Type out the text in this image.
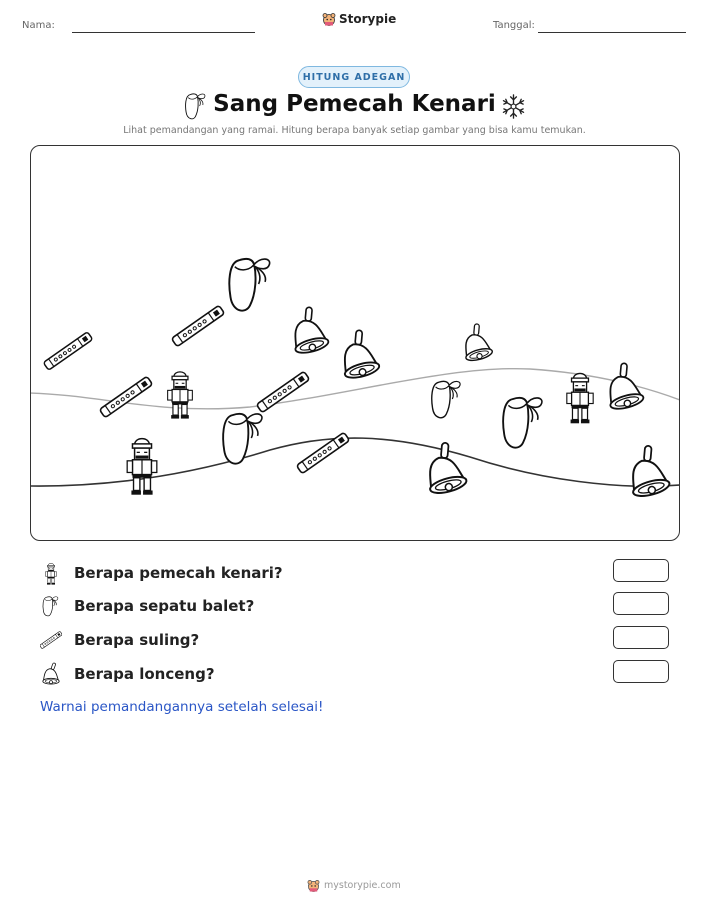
Nama:	Storypie	Tanggal:
HITUNG ADEGAN
Sang Pemecah Kenari
Lihat pemandangan yang ramai. Hitung berapa banyak setiap gambar yang bisa kamu temukan.
Berapa pemecah kenari?
Berapa sepatu balet?
Berapa suling?
Berapa lonceng?
Warnai pemandangannya setelah selesai!
mystorypie.com
